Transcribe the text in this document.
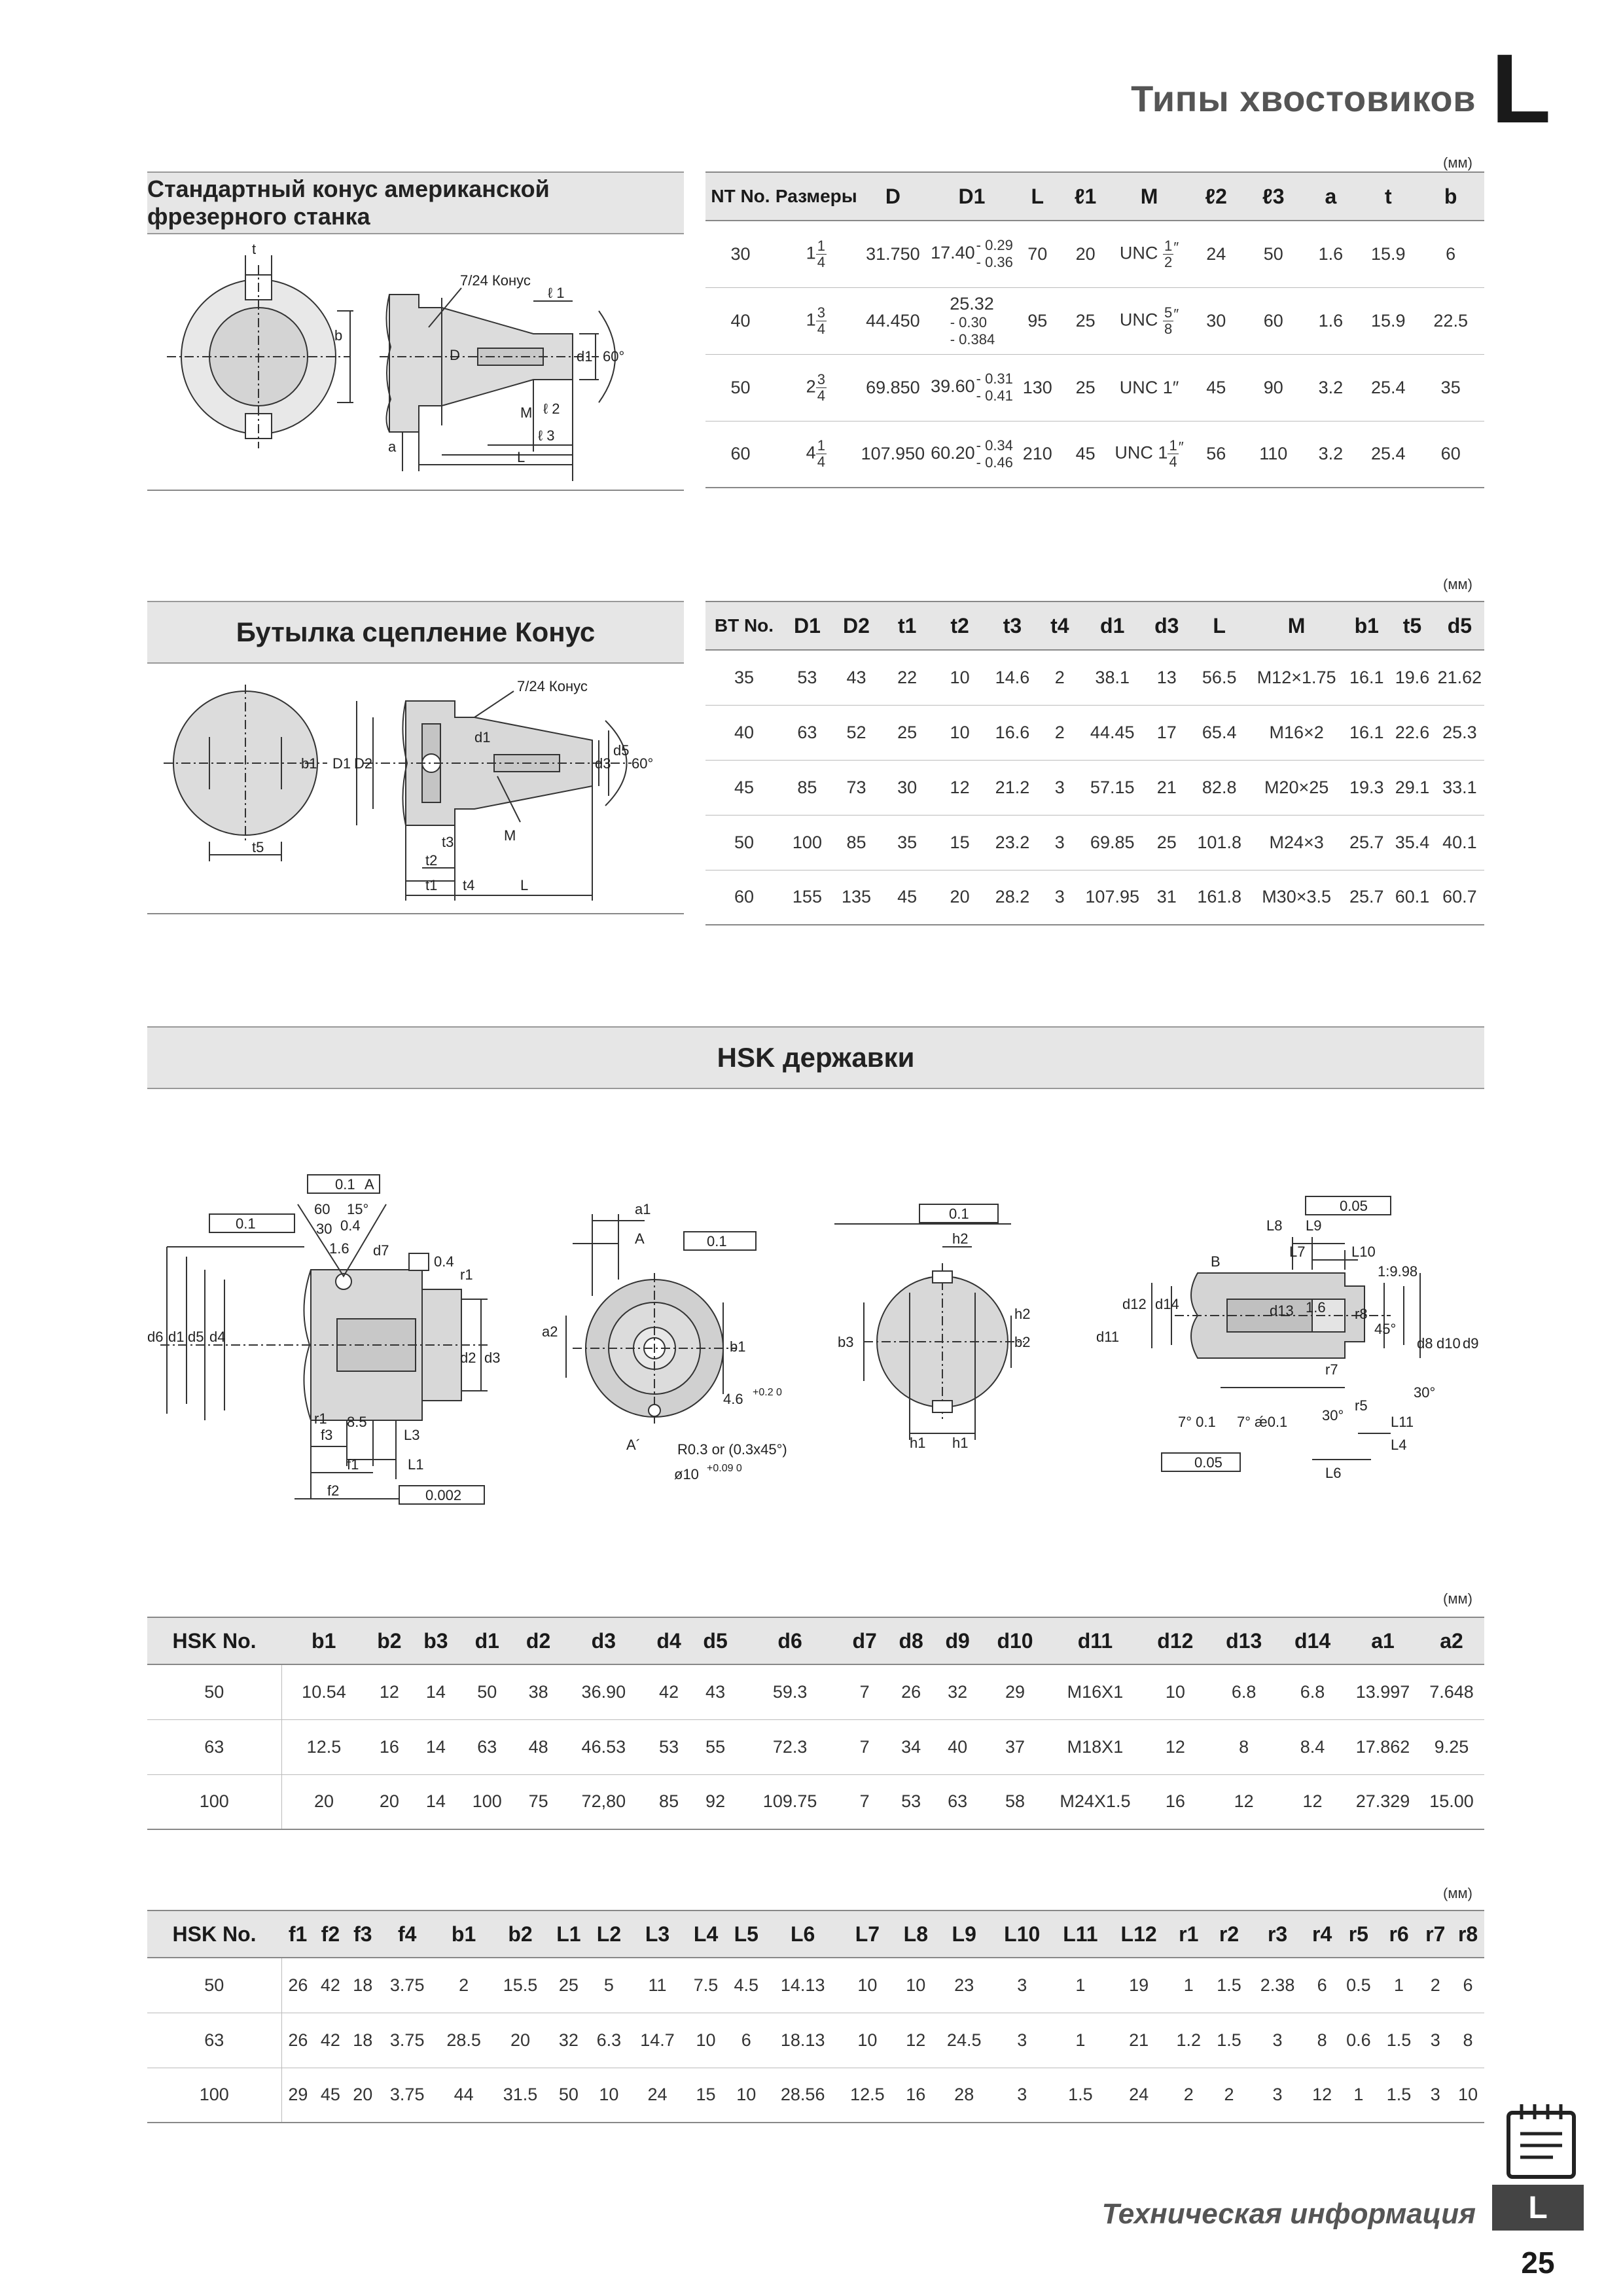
Типы хвостовиков L
(мм)
Стандартный конус американской фрезерного станка
t
b
7/24 Конус
ℓ 1
D	d1 60°
M ℓ 2
ℓ 3
a
L
NT No.	Размеры	D	D1	L	ℓ1	M	ℓ2	ℓ3	a	t	b
30	$1 \frac{1}{4}$	31.750	17.40 - 0.29
- 0.36	70	20	UNC $\frac{1}{2} ''$	24	50	1.6	15.9	6
40	$1 \frac{3}{4}$	44.450	25.32
- 0.30
- 0.384	95	25	UNC $\frac{5}{8} ''$	30	60	1.6	15.9	22.5
50	$2 \frac{3}{4}$	69.850	39.60 - 0.31
- 0.41	130	25	UNC 1″	45	90	3.2	25.4	35
60	$4 \frac{1}{4}$	107.950	60.20 - 0.34
- 0.46	210	45	UNC $1 \frac{1}{4} ''$	56	110	3.2	25.4	60
(мм)
Бутылка сцепление Конус
b1 D1 D2
t5
7/24 Конус
d1
d3
d5
60°
t3	M
t2
t1 t4	L
BT No.	D1	D2	t1	t2	t3	t4	d1	d3	L	M	b1	t5	d5
35	53	43	22	10	14.6	2	38.1	13	56.5	M12×1.75	16.1	19.6	21.62
40	63	52	25	10	16.6	2	44.45	17	65.4	M16×2	16.1	22.6	25.3
45	85	73	30	12	21.2	3	57.15	21	82.8	M20×25	19.3	29.1	33.1
50	100	85	35	15	23.2	3	69.85	25	101.8	M24×3	25.7	35.4	40.1
60	155	135	45	20	28.2	3	107.95	31	161.8	M30×3.5	25.7	60.1	60.7
HSK державки
0.1 A
60 15°
30 0.4
1.6 d7
0.4
r1
0.1
d6 d1 d5 d4
d2 d3
r1
f3
8.5
L3
f1	L1
f2	0.002
a1
A
a2
b1
0.1
4.6 +0.2 0
A´	R0.3 or (0.3x45°)
ø10 +0.09 0
0.1
h2
b3	b2
h2
h1 h1
0.05
L8 L9
L7	L10
B
1:9.98
d12 d14
d11
d13 1.6 r8
45°
d8 d10 d9
r7
30°
r5
7° 0.1 7° ǽ0.1 30°	L11
L4
0.05
L6
(мм)
HSK No.	b1	b2	b3	d1	d2	d3	d4	d5	d6	d7	d8	d9	d10	d11	d12	d13	d14	a1	a2
50	10.54	12	14	50	38	36.90	42	43	59.3	7	26	32	29	M16X1	10	6.8	6.8	13.997	7.648
63	12.5	16	14	63	48	46.53	53	55	72.3	7	34	40	37	M18X1	12	8	8.4	17.862	9.25
100	20	20	14	100	75	72,80	85	92	109.75	7	53	63	58	M24X1.5	16	12	12	27.329	15.00
(мм)
HSK No.	f1	f2	f3	f4	b1	b2	L1	L2	L3	L4	L5	L6	L7	L8	L9	L10	L11	L12	r1	r2	r3	r4	r5	r6	r7	r8
50	26	42	18	3.75	2	15.5	25	5	11	7.5	4.5	14.13	10	10	23	3	1	19	1	1.5	2.38	6	0.5	1	2	6
63	26	42	18	3.75	28.5	20	32	6.3	14.7	10	6	18.13	10	12	24.5	3	1	21	1.2	1.5	3	8	0.6	1.5	3	8
100	29	45	20	3.75	44	31.5	50	10	24	15	10	28.56	12.5	16	28	3	1.5	24	2	2	3	12	1	1.5	3	10
Техническая информация	L
25
